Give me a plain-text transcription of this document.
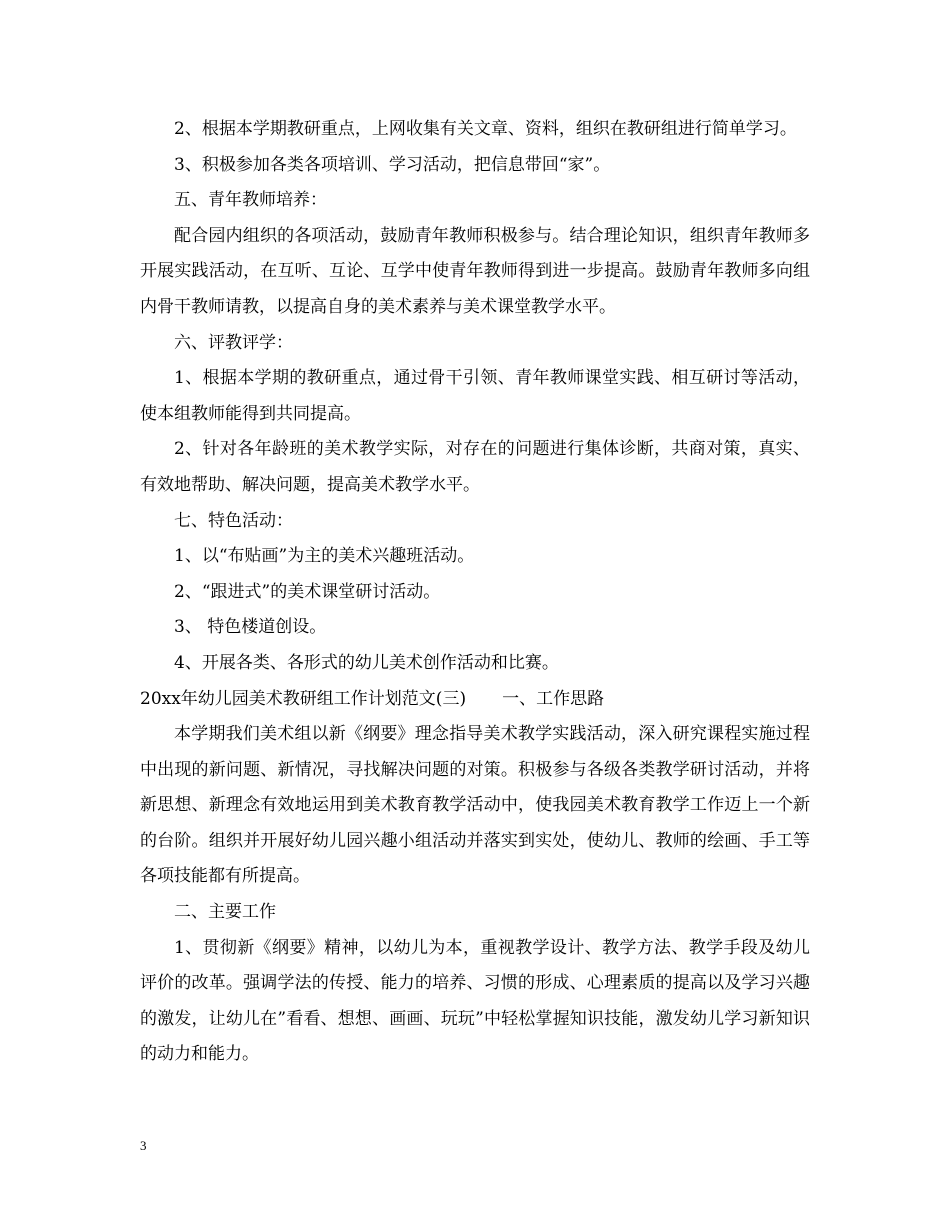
2、根据本学期教研重点，上网收集有关文章、资料，组织在教研组进行简单学习。

3、积极参加各类各项培训、学习活动，把信息带回“家”。

五、青年教师培养：

配合园内组织的各项活动，鼓励青年教师积极参与。结合理论知识，组织青年教师多开展实践活动，在互听、互论、互学中使青年教师得到进一步提高。鼓励青年教师多向组内骨干教师请教，以提高自身的美术素养与美术课堂教学水平。

六、评教评学：

1、根据本学期的教研重点，通过骨干引领、青年教师课堂实践、相互研讨等活动，使本组教师能得到共同提高。

2、针对各年龄班的美术教学实际，对存在的问题进行集体诊断，共商对策，真实、有效地帮助、解决问题，提高美术教学水平。

七、特色活动：

1、以“布贴画”为主的美术兴趣班活动。

2、“跟进式”的美术课堂研讨活动。

3、 特色楼道创设。

4、开展各类、各形式的幼儿美术创作活动和比赛。

20xx年幼儿园美术教研组工作计划范文(三) 一、工作思路

本学期我们美术组以新《纲要》理念指导美术教学实践活动，深入研究课程实施过程中出现的新问题、新情况，寻找解决问题的对策。积极参与各级各类教学研讨活动，并将新思想、新理念有效地运用到美术教育教学活动中，使我园美术教育教学工作迈上一个新的台阶。组织并开展好幼儿园兴趣小组活动并落实到实处，使幼儿、教师的绘画、手工等各项技能都有所提高。

二、主要工作

1、贯彻新《纲要》精神，以幼儿为本，重视教学设计、教学方法、教学手段及幼儿评价的改革。强调学法的传授、能力的培养、习惯的形成、心理素质的提高以及学习兴趣的激发，让幼儿在”看看、想想、画画、玩玩”中轻松掌握知识技能，激发幼儿学习新知识的动力和能力。

3
